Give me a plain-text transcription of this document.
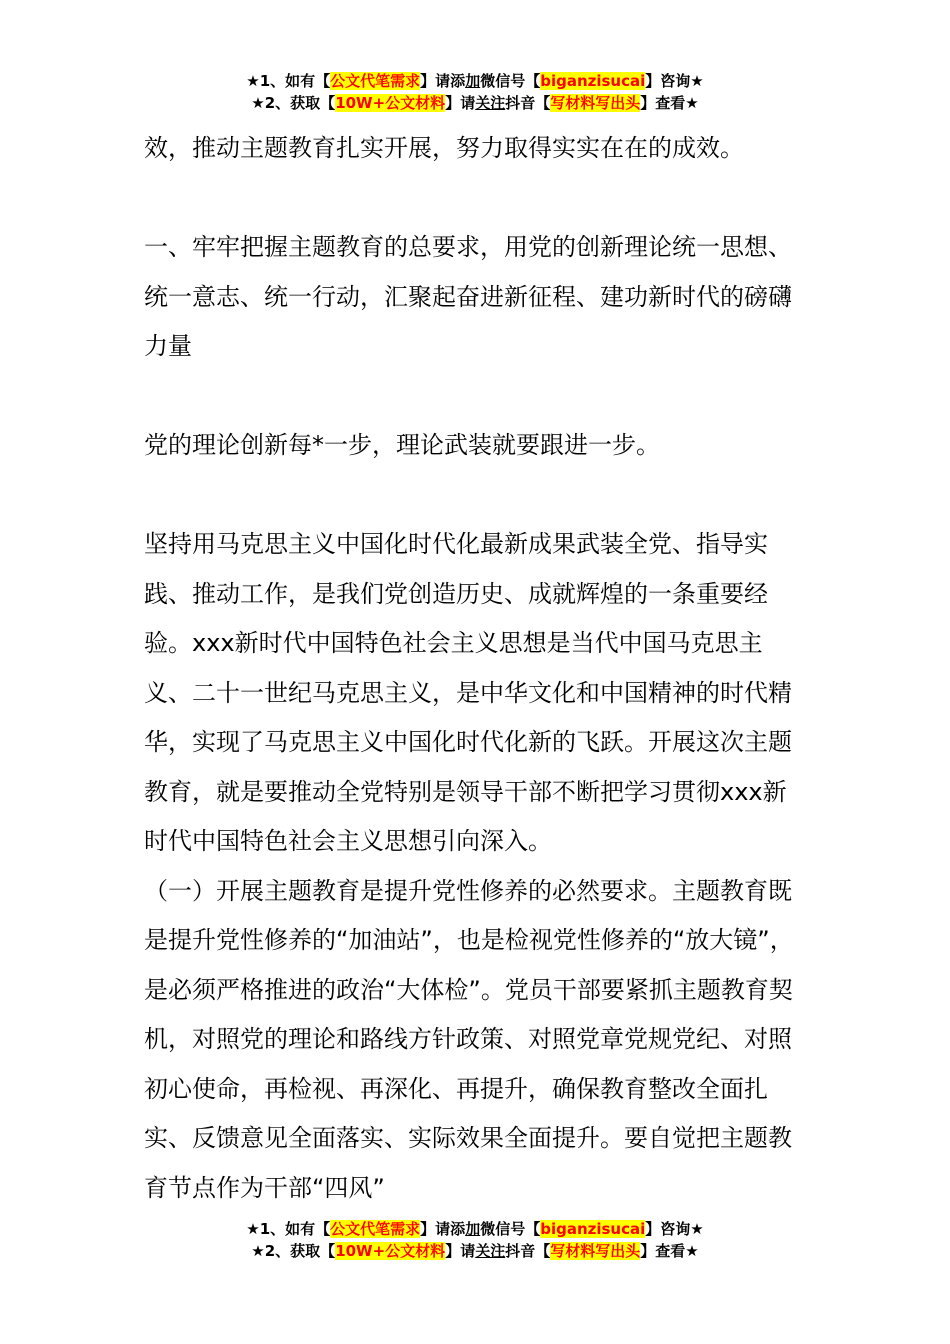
★1、如有【公文代笔需求】请添加微信号【biganzisucai】咨询★
★2、获取【10W+公文材料】请关注抖音【写材料写出头】查看★

效，推动主题教育扎实开展，努力取得实实在在的成效。

一、牢牢把握主题教育的总要求，用党的创新理论统一思想、统一意志、统一行动，汇聚起奋进新征程、建功新时代的磅礴力量

党的理论创新每*一步，理论武装就要跟进一步。

坚持用马克思主义中国化时代化最新成果武装全党、指导实践、推动工作，是我们党创造历史、成就辉煌的一条重要经验。xxx新时代中国特色社会主义思想是当代中国马克思主义、二十一世纪马克思主义，是中华文化和中国精神的时代精华，实现了马克思主义中国化时代化新的飞跃。开展这次主题教育，就是要推动全党特别是领导干部不断把学习贯彻xxx新时代中国特色社会主义思想引向深入。

（一）开展主题教育是提升党性修养的必然要求。主题教育既是提升党性修养的“加油站”，也是检视党性修养的“放大镜”，是必须严格推进的政治“大体检”。党员干部要紧抓主题教育契机，对照党的理论和路线方针政策、对照党章党规党纪、对照初心使命，再检视、再深化、再提升，确保教育整改全面扎实、反馈意见全面落实、实际效果全面提升。要自觉把主题教育节点作为干部“四风”

★1、如有【公文代笔需求】请添加微信号【biganzisucai】咨询★
★2、获取【10W+公文材料】请关注抖音【写材料写出头】查看★
